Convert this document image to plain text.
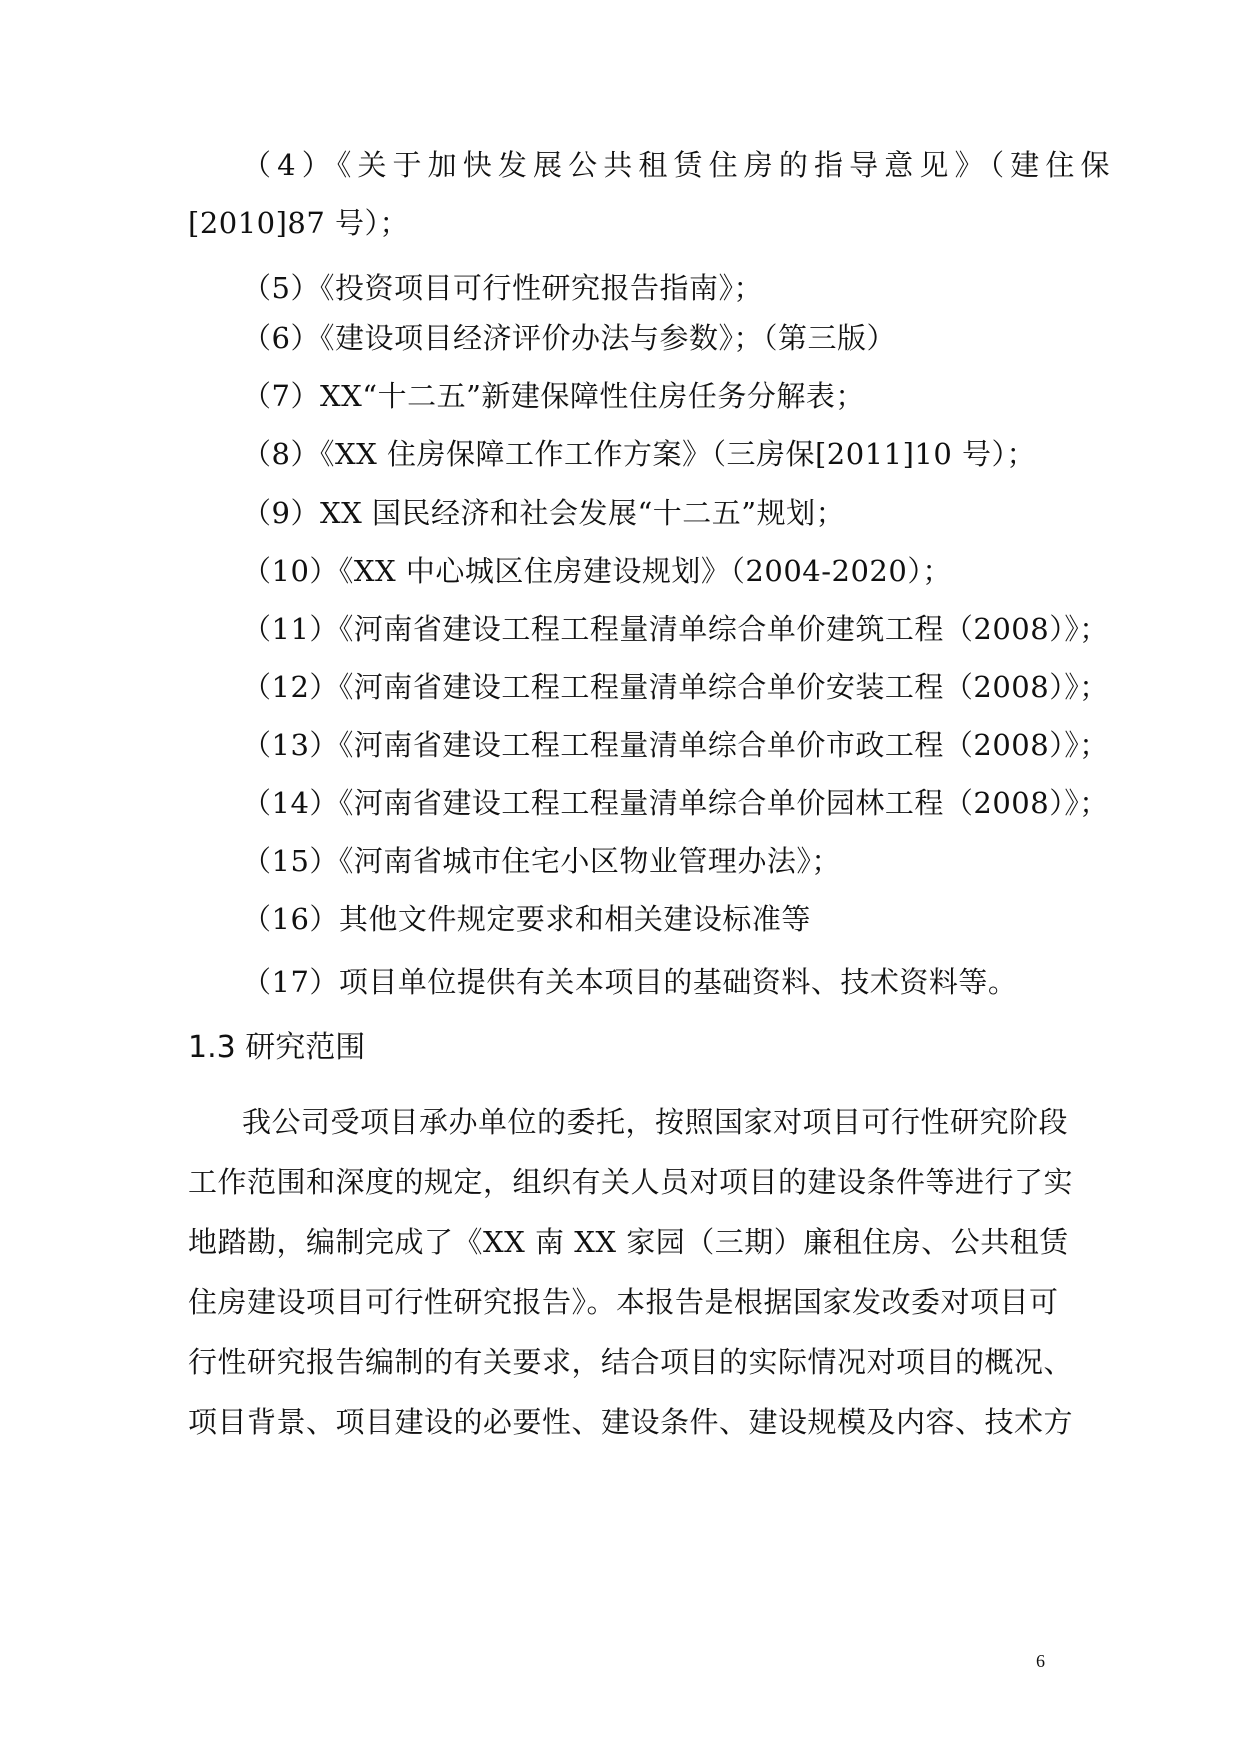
（4）《关于加快发展公共租赁住房的指导意见》（建住保
[2010]87 号）；
（5）《投资项目可行性研究报告指南》；
（6）《建设项目经济评价办法与参数》；（第三版）
（7）XX“十二五”新建保障性住房任务分解表；
（8）《XX 住房保障工作工作方案》（三房保[2011]10 号）；
（9）XX 国民经济和社会发展“十二五”规划；
（10）《XX 中心城区住房建设规划》（2004-2020）；
（11）《河南省建设工程工程量清单综合单价建筑工程（2008）》；
（12）《河南省建设工程工程量清单综合单价安装工程（2008）》；
（13）《河南省建设工程工程量清单综合单价市政工程（2008）》；
（14）《河南省建设工程工程量清单综合单价园林工程（2008）》；
（15）《河南省城市住宅小区物业管理办法》；
（16）其他文件规定要求和相关建设标准等
（17）项目单位提供有关本项目的基础资料、技术资料等。
1.3 研究范围
我公司受项目承办单位的委托，按照国家对项目可行性研究阶段
工作范围和深度的规定，组织有关人员对项目的建设条件等进行了实
地踏勘，编制完成了《XX 南 XX 家园（三期）廉租住房、公共租赁
住房建设项目可行性研究报告》。本报告是根据国家发改委对项目可
行性研究报告编制的有关要求，结合项目的实际情况对项目的概况、
项目背景、项目建设的必要性、建设条件、建设规模及内容、技术方
6
